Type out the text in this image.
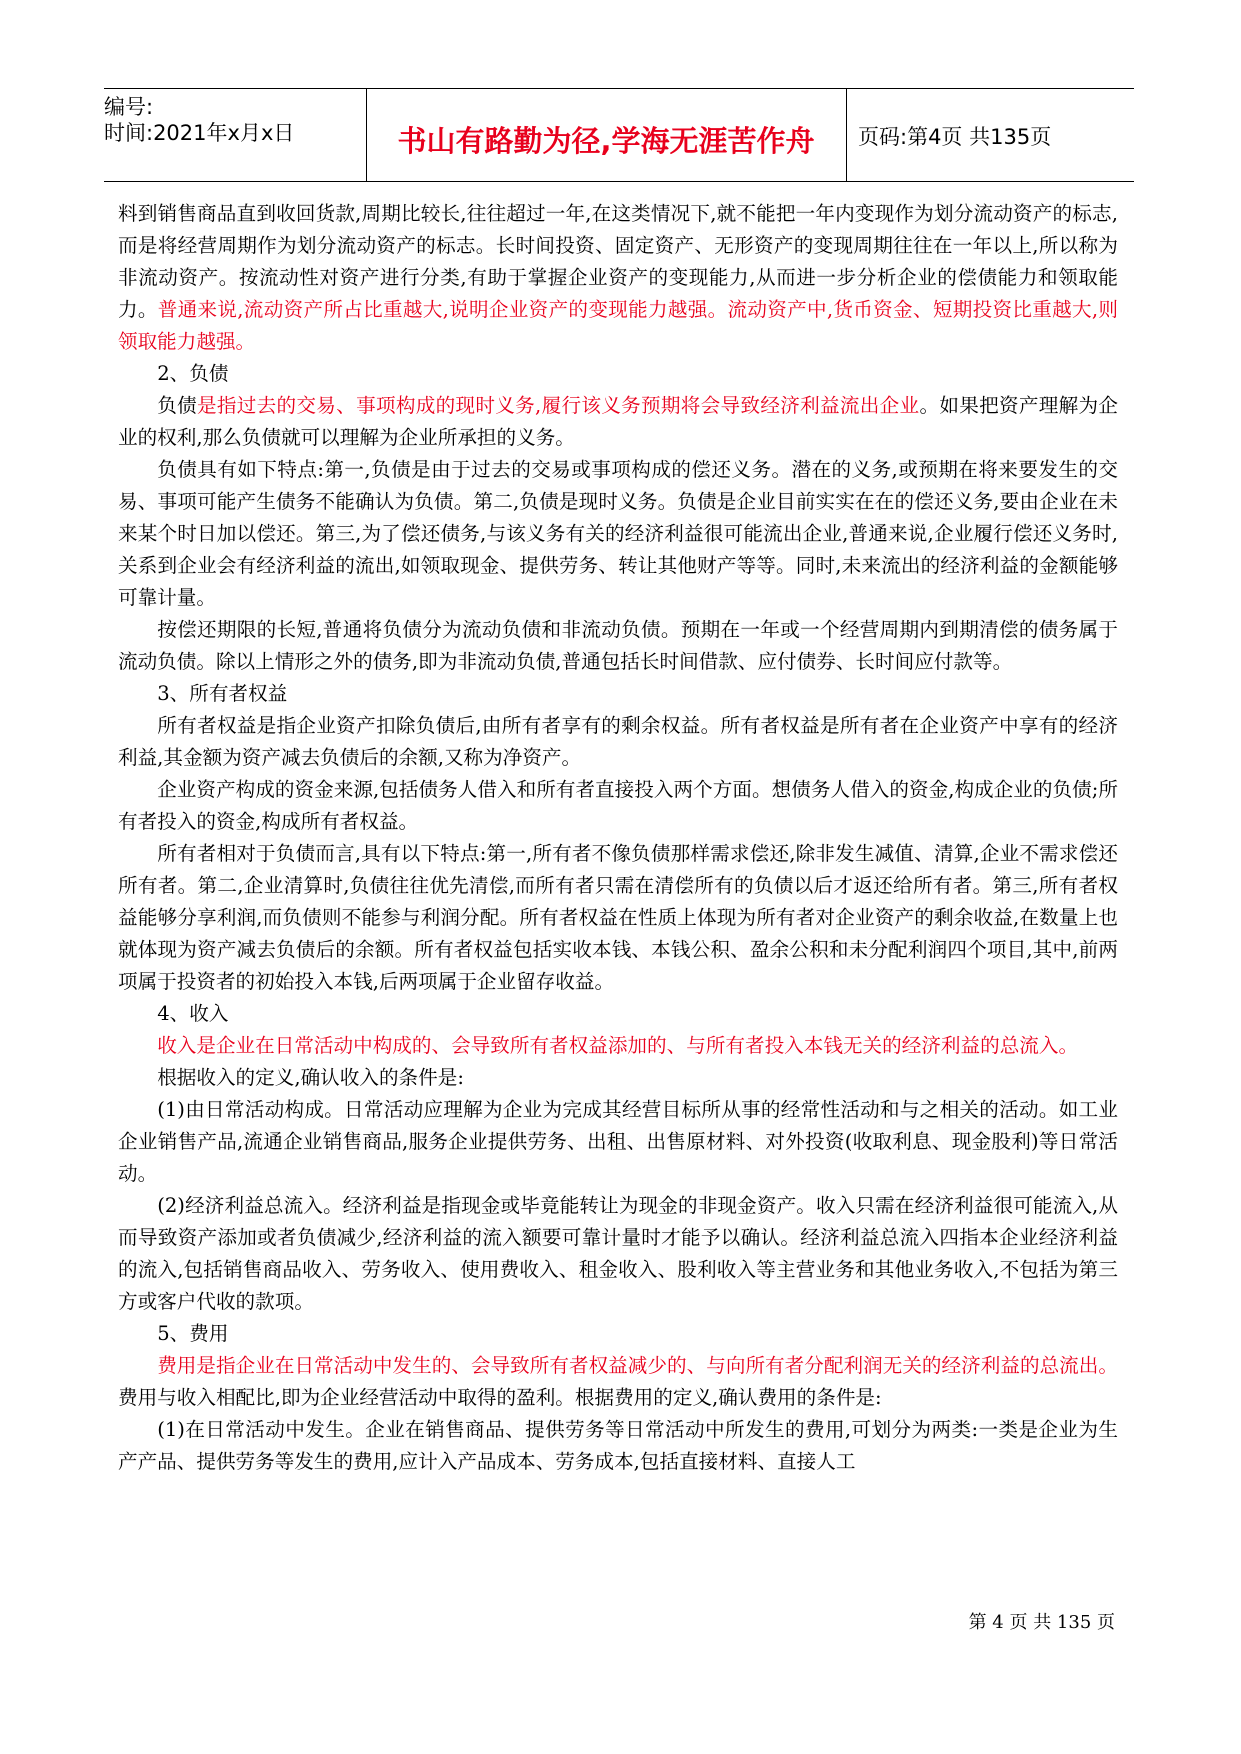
编号:
时间:2021年x月x日	书山有路勤为径,学海无涯苦作舟	页码:第4页 共135页

料到销售商品直到收回货款,周期比较长,往往超过一年,在这类情况下,就不能把一年内变现作为划分流动资产的标志,而是将经营周期作为划分流动资产的标志。长时间投资、固定资产、无形资产的变现周期往往在一年以上,所以称为非流动资产。按流动性对资产进行分类,有助于掌握企业资产的变现能力,从而进一步分析企业的偿债能力和领取能力。普通来说,流动资产所占比重越大,说明企业资产的变现能力越强。流动资产中,货币资金、短期投资比重越大,则领取能力越强。

2、负债

负债是指过去的交易、事项构成的现时义务,履行该义务预期将会导致经济利益流出企业。如果把资产理解为企业的权利,那么负债就可以理解为企业所承担的义务。

负债具有如下特点:第一,负债是由于过去的交易或事项构成的偿还义务。潜在的义务,或预期在将来要发生的交易、事项可能产生债务不能确认为负债。第二,负债是现时义务。负债是企业目前实实在在的偿还义务,要由企业在未来某个时日加以偿还。第三,为了偿还债务,与该义务有关的经济利益很可能流出企业,普通来说,企业履行偿还义务时,关系到企业会有经济利益的流出,如领取现金、提供劳务、转让其他财产等等。同时,未来流出的经济利益的金额能够可靠计量。

按偿还期限的长短,普通将负债分为流动负债和非流动负债。预期在一年或一个经营周期内到期清偿的债务属于流动负债。除以上情形之外的债务,即为非流动负债,普通包括长时间借款、应付债券、长时间应付款等。

3、所有者权益

所有者权益是指企业资产扣除负债后,由所有者享有的剩余权益。所有者权益是所有者在企业资产中享有的经济利益,其金额为资产减去负债后的余额,又称为净资产。

企业资产构成的资金来源,包括债务人借入和所有者直接投入两个方面。想债务人借入的资金,构成企业的负债;所有者投入的资金,构成所有者权益。

所有者相对于负债而言,具有以下特点:第一,所有者不像负债那样需求偿还,除非发生减值、清算,企业不需求偿还所有者。第二,企业清算时,负债往往优先清偿,而所有者只需在清偿所有的负债以后才返还给所有者。第三,所有者权益能够分享利润,而负债则不能参与利润分配。所有者权益在性质上体现为所有者对企业资产的剩余收益,在数量上也就体现为资产减去负债后的余额。所有者权益包括实收本钱、本钱公积、盈余公积和未分配利润四个项目,其中,前两项属于投资者的初始投入本钱,后两项属于企业留存收益。

4、收入

收入是企业在日常活动中构成的、会导致所有者权益添加的、与所有者投入本钱无关的经济利益的总流入。

根据收入的定义,确认收入的条件是:

(1)由日常活动构成。日常活动应理解为企业为完成其经营目标所从事的经常性活动和与之相关的活动。如工业企业销售产品,流通企业销售商品,服务企业提供劳务、出租、出售原材料、对外投资(收取利息、现金股利)等日常活动。

(2)经济利益总流入。经济利益是指现金或毕竟能转让为现金的非现金资产。收入只需在经济利益很可能流入,从而导致资产添加或者负债减少,经济利益的流入额要可靠计量时才能予以确认。经济利益总流入四指本企业经济利益的流入,包括销售商品收入、劳务收入、使用费收入、租金收入、股利收入等主营业务和其他业务收入,不包括为第三方或客户代收的款项。

5、费用

费用是指企业在日常活动中发生的、会导致所有者权益减少的、与向所有者分配利润无关的经济利益的总流出。费用与收入相配比,即为企业经营活动中取得的盈利。根据费用的定义,确认费用的条件是:

(1)在日常活动中发生。企业在销售商品、提供劳务等日常活动中所发生的费用,可划分为两类:一类是企业为生产产品、提供劳务等发生的费用,应计入产品成本、劳务成本,包括直接材料、直接人工

第 4 页 共 135 页
